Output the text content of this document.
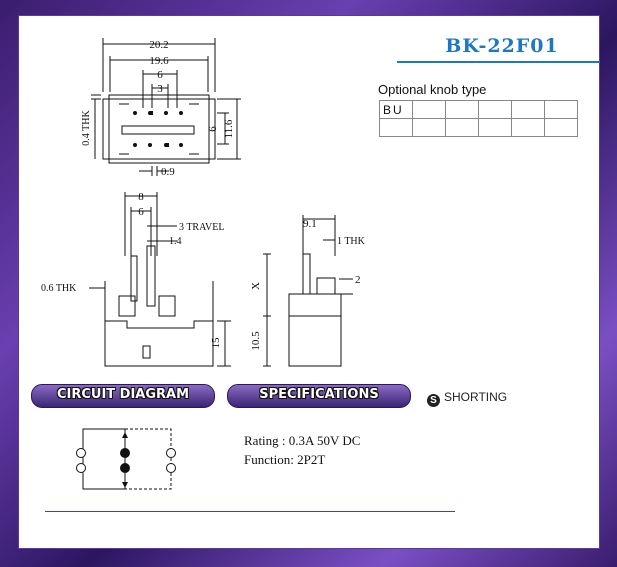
BK-22F01
Optional knob type
BU					

20.2
19.6
6
3
0.4 THK	6 11.6
0.9
8
6
3 TRAVEL
1.4
0.6 THK
15
9.1
1 THK
2
X
10.5
CIRCUIT DIAGRAM	SPECIFICATIONS	S SHORTING
Rating : 0.3A 50V DC
Function: 2P2T
